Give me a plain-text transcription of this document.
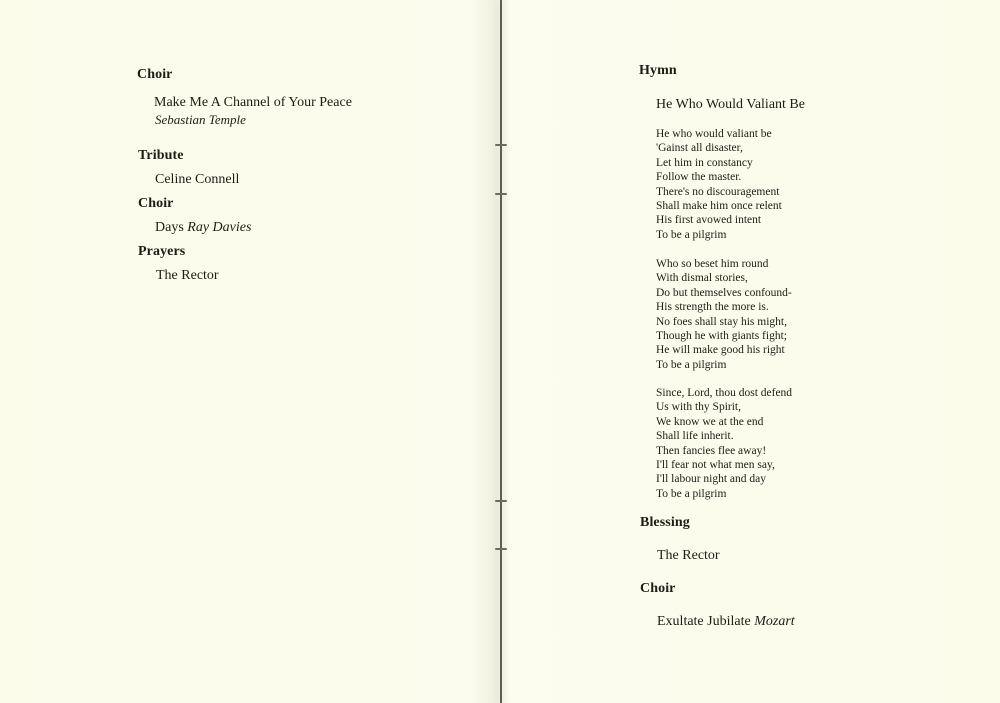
Choir
Make Me A Channel of Your Peace
Sebastian Temple
Tribute
Celine Connell
Choir
Days Ray Davies
Prayers
The Rector
Hymn
He Who Would Valiant Be
He who would valiant be
'Gainst all disaster,
Let him in constancy
Follow the master.
There's no discouragement
Shall make him once relent
His first avowed intent
To be a pilgrim
Who so beset him round
With dismal stories,
Do but themselves confound-
His strength the more is.
No foes shall stay his might,
Though he with giants fight;
He will make good his right
To be a pilgrim
Since, Lord, thou dost defend
Us with thy Spirit,
We know we at the end
Shall life inherit.
Then fancies flee away!
I'll fear not what men say,
I'll labour night and day
To be a pilgrim
Blessing
The Rector
Choir
Exultate Jubilate Mozart
